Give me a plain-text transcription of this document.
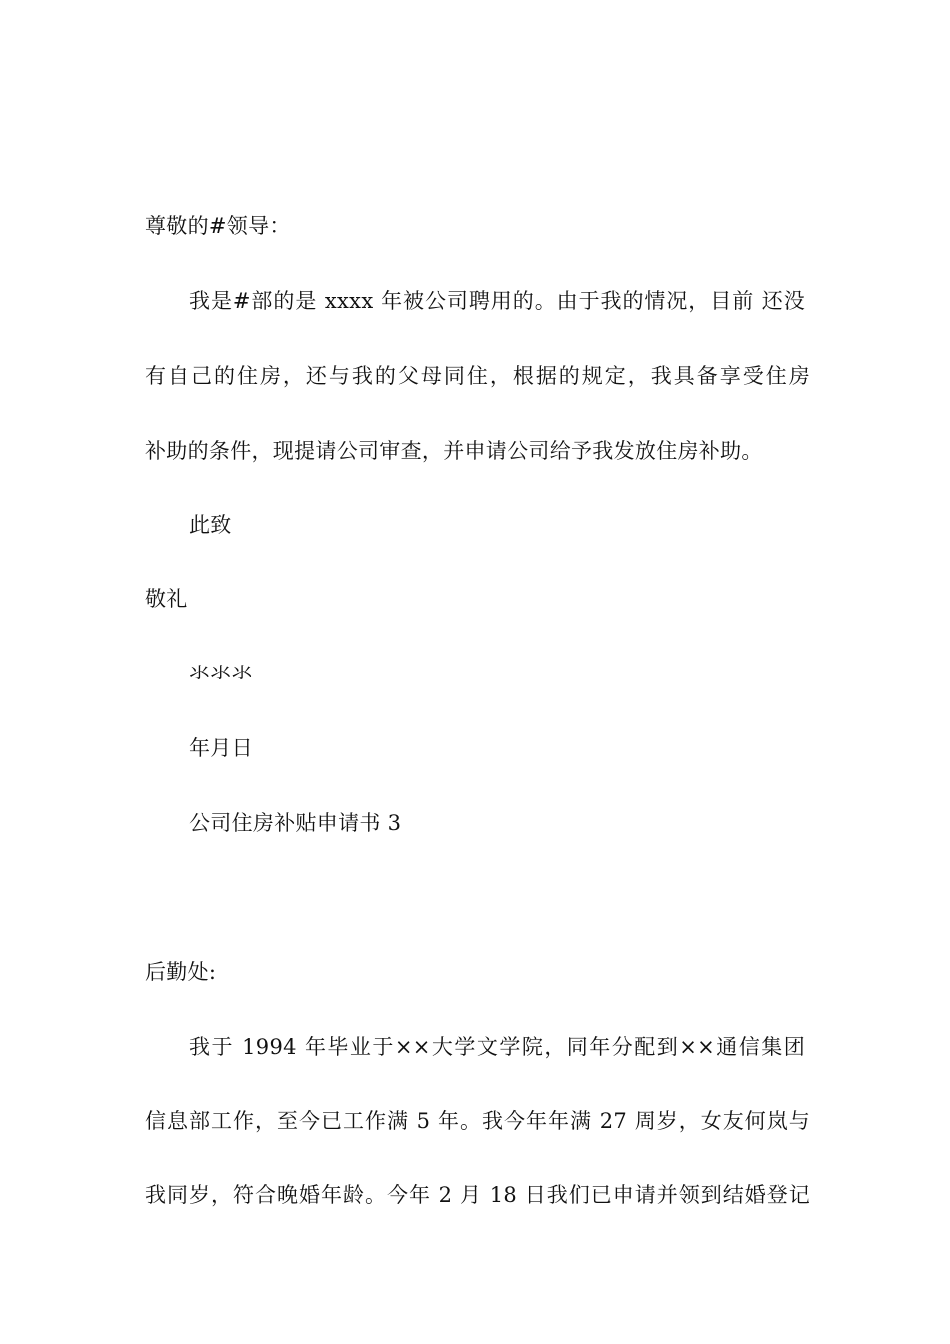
尊敬的#领导：
我是#部的是 xxxx 年被公司聘用的。由于我的情况，目前 还没
有自己的住房，还与我的父母同住，根据的规定，我具备享受住房
补助的条件，现提请公司审查，并申请公司给予我发放住房补助。
此致
敬礼
氺氺氺
年月日
公司住房补贴申请书 3
后勤处:
我于 1994 年毕业于××大学文学院，同年分配到××通信集团
信息部工作，至今已工作满 5 年。我今年年满 27 周岁，女友何岚与
我同岁，符合晚婚年龄。今年 2 月 18 日我们已申请并领到结婚登记
